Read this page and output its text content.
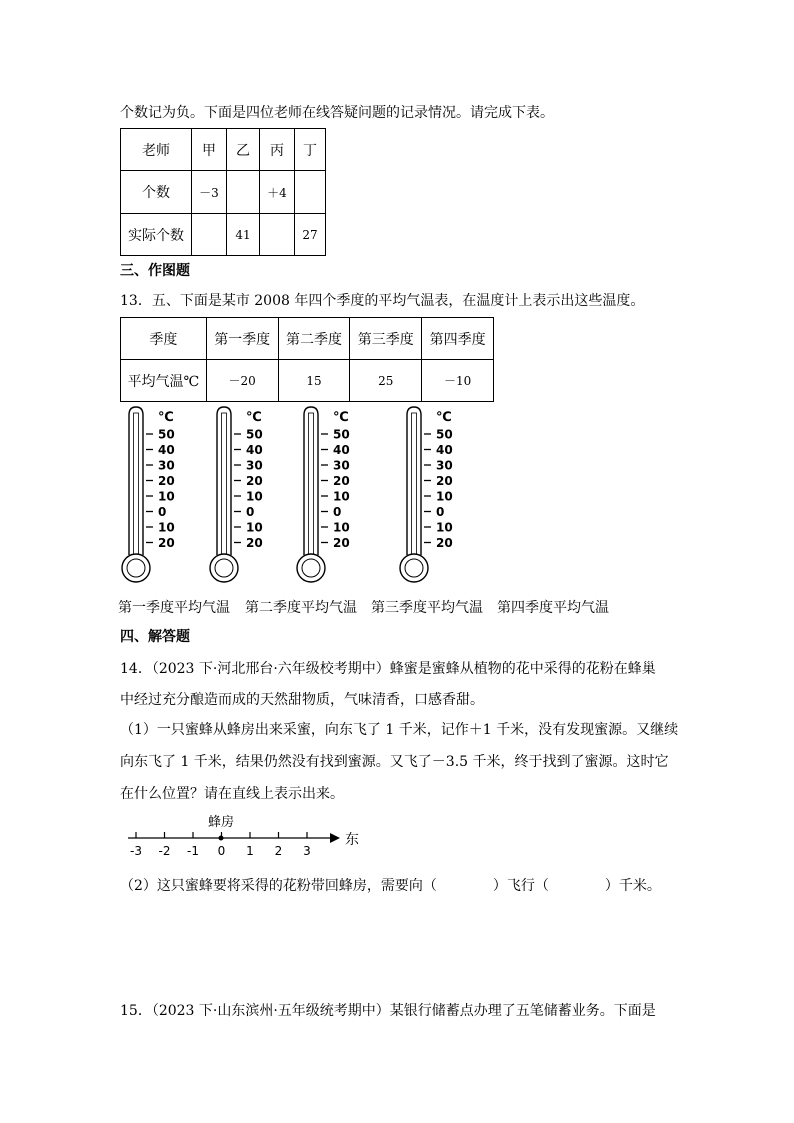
个数记为负。下面是四位老师在线答疑问题的记录情况。请完成下表。
老师	甲	乙	丙	丁
个数	－3		＋4	
实际个数		41		27
三、作图题
13．五、下面是某市 2008 年四个季度的平均气温表，在温度计上表示出这些温度。
季度	第一季度	第二季度	第三季度	第四季度
平均气温℃	－20	15	25	－10
℃
50
40
30
20
10
0
10
20
℃
50
40
30
20
10
0
10
20
℃
50
40
30
20
10
0
10
20
℃
50
40
30
20
10
0
10
20
第一季度平均气温 第二季度平均气温 第三季度平均气温 第四季度平均气温
四、解答题
14．（2023 下·河北邢台·六年级校考期中）蜂蜜是蜜蜂从植物的花中采得的花粉在蜂巢
中经过充分酿造而成的天然甜物质，气味清香，口感香甜。
（1）一只蜜蜂从蜂房出来采蜜，向东飞了 1 千米，记作＋1 千米，没有发现蜜源。又继续
向东飞了 1 千米，结果仍然没有找到蜜源。又飞了－3.5 千米，终于找到了蜜源。这时它
在什么位置？请在直线上表示出来。
-3 -2 -1 0 1 2 3
蜂房
东
（2）这只蜜蜂要将采得的花粉带回蜂房，需要向（　　　　）飞行（　　　　）千米。
15．（2023 下·山东滨州·五年级统考期中）某银行储蓄点办理了五笔储蓄业务。下面是
